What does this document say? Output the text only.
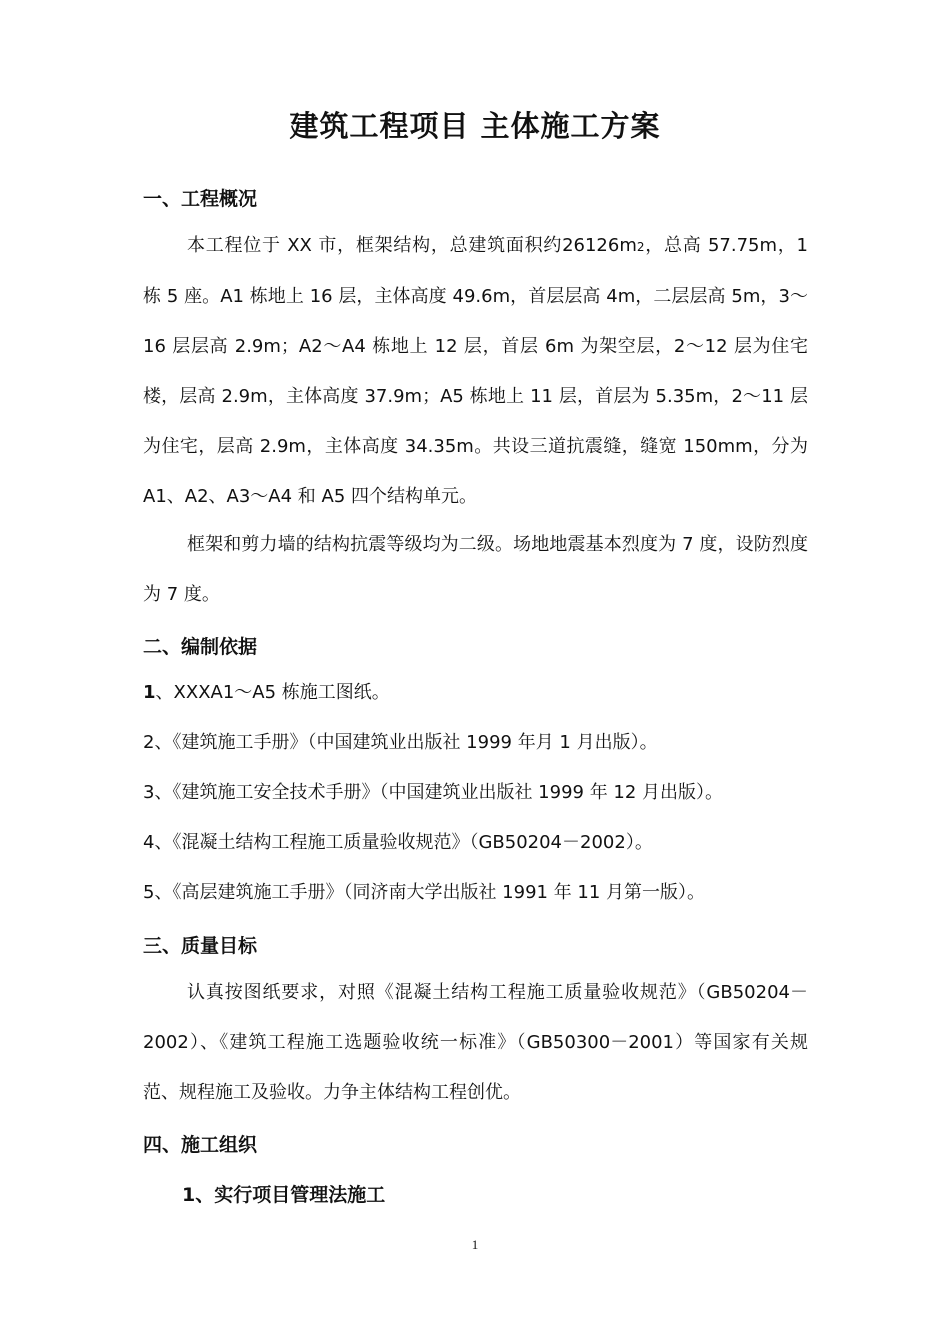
建筑工程项目 主体施工方案
一、工程概况

本工程位于 XX 市，框架结构，总建筑面积约26126m2，总高 57.75m，1 栋 5 座。A1 栋地上 16 层，主体高度 49.6m，首层层高 4m，二层层高 5m，3～16 层层高 2.9m；A2～A4 栋地上 12 层，首层 6m 为架空层，2～12 层为住宅楼，层高 2.9m，主体高度 37.9m；A5 栋地上 11 层，首层为 5.35m，2～11 层为住宅，层高 2.9m，主体高度 34.35m。共设三道抗震缝，缝宽 150mm，分为 A1、A2、A3～A4 和 A5 四个结构单元。

框架和剪力墙的结构抗震等级均为二级。场地地震基本烈度为 7 度，设防烈度为 7 度。

二、编制依据

1、XXXA1～A5 栋施工图纸。

2、《建筑施工手册》（中国建筑业出版社 1999 年月 1 月出版）。

3、《建筑施工安全技术手册》（中国建筑业出版社 1999 年 12 月出版）。

4、《混凝土结构工程施工质量验收规范》（GB50204－2002）。

5、《高层建筑施工手册》（同济南大学出版社 1991 年 11 月第一版）。

三、质量目标

认真按图纸要求，对照《混凝土结构工程施工质量验收规范》（GB50204－2002）、《建筑工程施工选题验收统一标准》（GB50300－2001）等国家有关规范、规程施工及验收。力争主体结构工程创优。

四、施工组织
1、实行项目管理法施工
1
